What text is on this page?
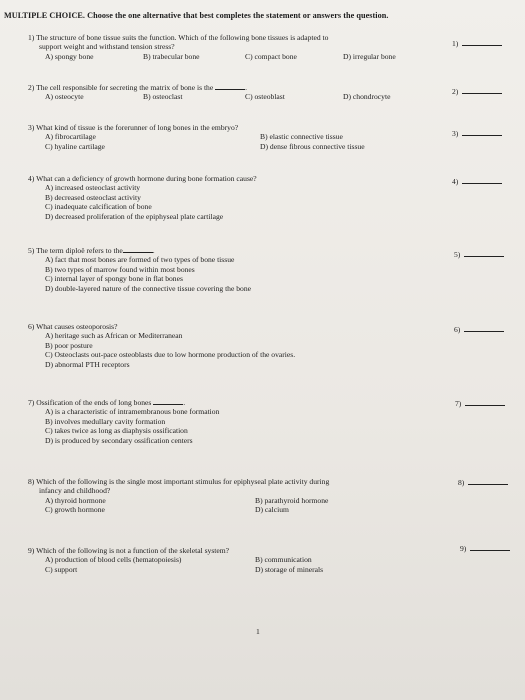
MULTIPLE CHOICE. Choose the one alternative that best completes the statement or answers the question.
1) The structure of bone tissue suits the function. Which of the following bone tissues is adapted to
support weight and withstand tension stress?
A) spongy bone	B) trabecular bone	C) compact bone	D) irregular bone
1)
2) The cell responsible for secreting the matrix of bone is the	.
A) osteocyte	B) osteoclast	C) osteoblast	D) chondrocyte
2)
3) What kind of tissue is the forerunner of long bones in the embryo?
A) fibrocartilage	B) elastic connective tissue
C) hyaline cartilage	D) dense fibrous connective tissue
3)
4) What can a deficiency of growth hormone during bone formation cause?
A) increased osteoclast activity
B) decreased osteoclast activity
C) inadequate calcification of bone
D) decreased proliferation of the epiphyseal plate cartilage
4)
5) The term diploë refers to the	.
A) fact that most bones are formed of two types of bone tissue
B) two types of marrow found within most bones
C) internal layer of spongy bone in flat bones
D) double-layered nature of the connective tissue covering the bone
5)
6) What causes osteoporosis?
A) heritage such as African or Mediterranean
B) poor posture
C) Osteoclasts out-pace osteoblasts due to low hormone production of the ovaries.
D) abnormal PTH receptors
6)
7) Ossification of the ends of long bones	.
A) is a characteristic of intramembranous bone formation
B) involves medullary cavity formation
C) takes twice as long as diaphysis ossification
D) is produced by secondary ossification centers
7)
8) Which of the following is the single most important stimulus for epiphyseal plate activity during
infancy and childhood?
A) thyroid hormone	B) parathyroid hormone
C) growth hormone	D) calcium
8)
9) Which of the following is not a function of the skeletal system?
A) production of blood cells (hematopoiesis)	B) communication
C) support	D) storage of minerals
9)
1
